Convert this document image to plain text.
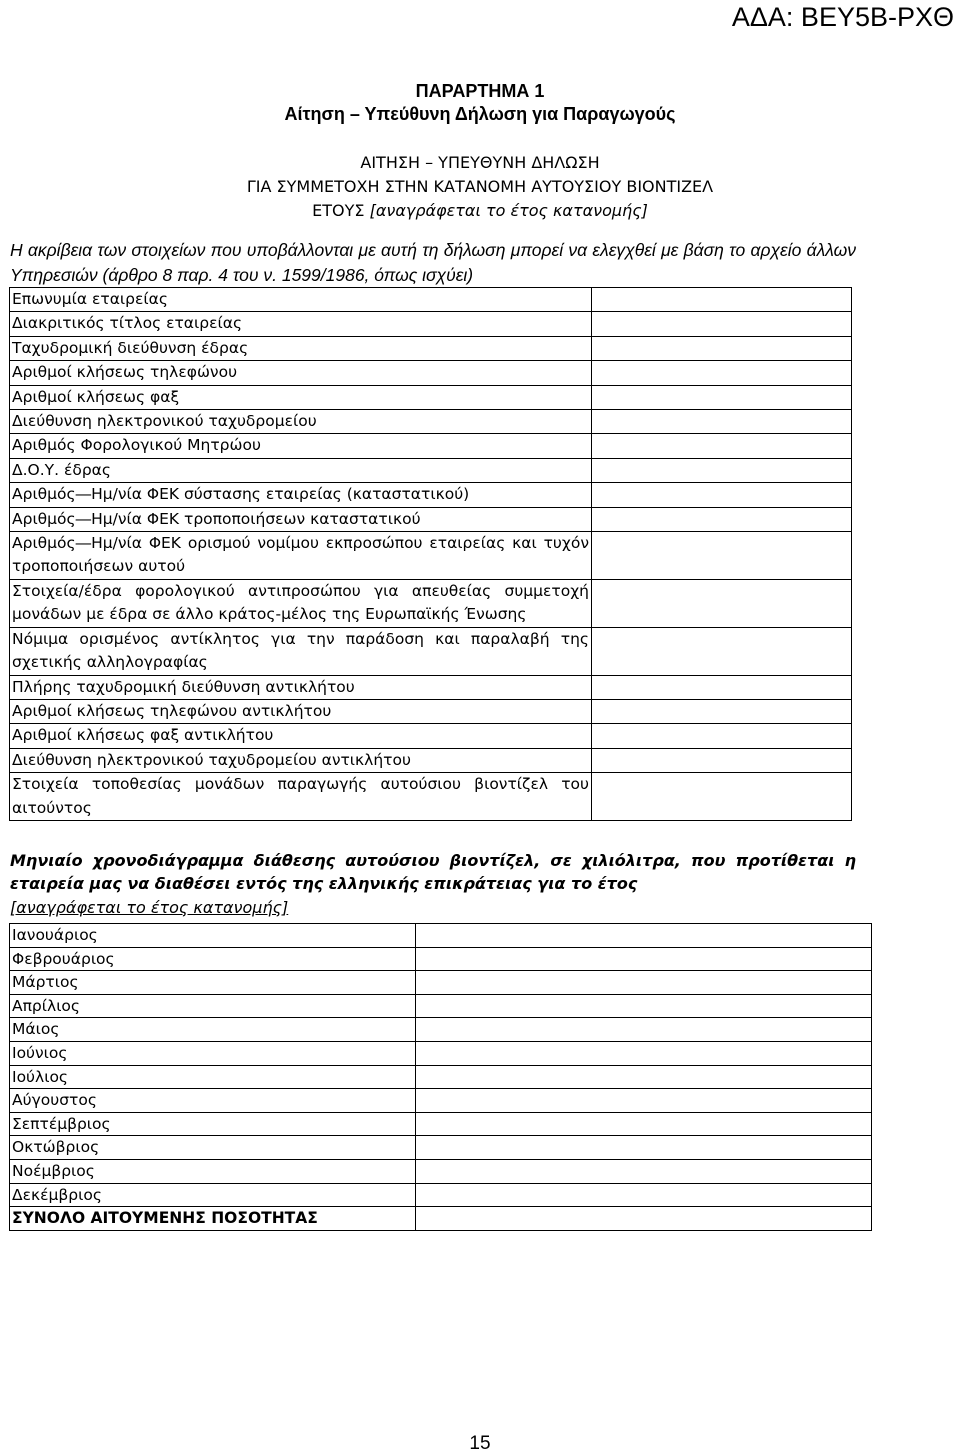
ΑΔΑ: ΒΕΥ5Β-ΡΧΘ
ΠΑΡΑΡΤΗΜΑ 1
Αίτηση – Υπεύθυνη Δήλωση για Παραγωγούς
ΑΙΤΗΣΗ – ΥΠΕΥΘΥΝΗ ΔΗΛΩΣΗ
ΓΙΑ ΣΥΜΜΕΤΟΧΗ ΣΤΗΝ ΚΑΤΑΝΟΜΗ ΑΥΤΟΥΣΙΟΥ ΒΙΟΝΤΙΖΕΛ
ΕΤΟΥΣ [αναγράφεται το έτος κατανομής]
Η ακρίβεια των στοιχείων που υποβάλλονται με αυτή τη δήλωση μπορεί να ελεγχθεί με βάση το αρχείο άλλων Υπηρεσιών (άρθρο 8 παρ. 4 του ν. 1599/1986, όπως ισχύει)
Επωνυμία εταιρείας	
Διακριτικός τίτλος εταιρείας	
Ταχυδρομική διεύθυνση έδρας	
Αριθμοί κλήσεως τηλεφώνου	
Αριθμοί κλήσεως φαξ	
Διεύθυνση ηλεκτρονικού ταχυδρομείου	
Αριθμός Φορολογικού Μητρώου	
Δ.Ο.Υ. έδρας	
Αριθμός―Ημ/νία ΦΕΚ σύστασης εταιρείας (καταστατικού)	
Αριθμός―Ημ/νία ΦΕΚ τροποποιήσεων καταστατικού	
Αριθμός―Ημ/νία ΦΕΚ ορισμού νομίμου εκπροσώπου εταιρείας και τυχόν τροποποιήσεων αυτού	
Στοιχεία/έδρα φορολογικού αντιπροσώπου για απευθείας συμμετοχή μονάδων με έδρα σε άλλο κράτος-μέλος της Ευρωπαϊκής Ένωσης	
Νόμιμα ορισμένος αντίκλητος για την παράδοση και παραλαβή της σχετικής αλληλογραφίας	
Πλήρης ταχυδρομική διεύθυνση αντικλήτου	
Αριθμοί κλήσεως τηλεφώνου αντικλήτου	
Αριθμοί κλήσεως φαξ αντικλήτου	
Διεύθυνση ηλεκτρονικού ταχυδρομείου αντικλήτου	
Στοιχεία τοποθεσίας μονάδων παραγωγής αυτούσιου βιοντίζελ του αιτούντος	
Μηνιαίο χρονοδιάγραμμα διάθεσης αυτούσιου βιοντίζελ, σε χιλιόλιτρα, που προτίθεται η εταιρεία μας να διαθέσει εντός της ελληνικής επικράτειας για το έτος
[αναγράφεται το έτος κατανομής]
Ιανουάριος	
Φεβρουάριος	
Μάρτιος	
Απρίλιος	
Μάιος	
Ιούνιος	
Ιούλιος	
Αύγουστος	
Σεπτέμβριος	
Οκτώβριος	
Νοέμβριος	
Δεκέμβριος	
ΣΥΝΟΛΟ ΑΙΤΟΥΜΕΝΗΣ ΠΟΣΟΤΗΤΑΣ	
15
